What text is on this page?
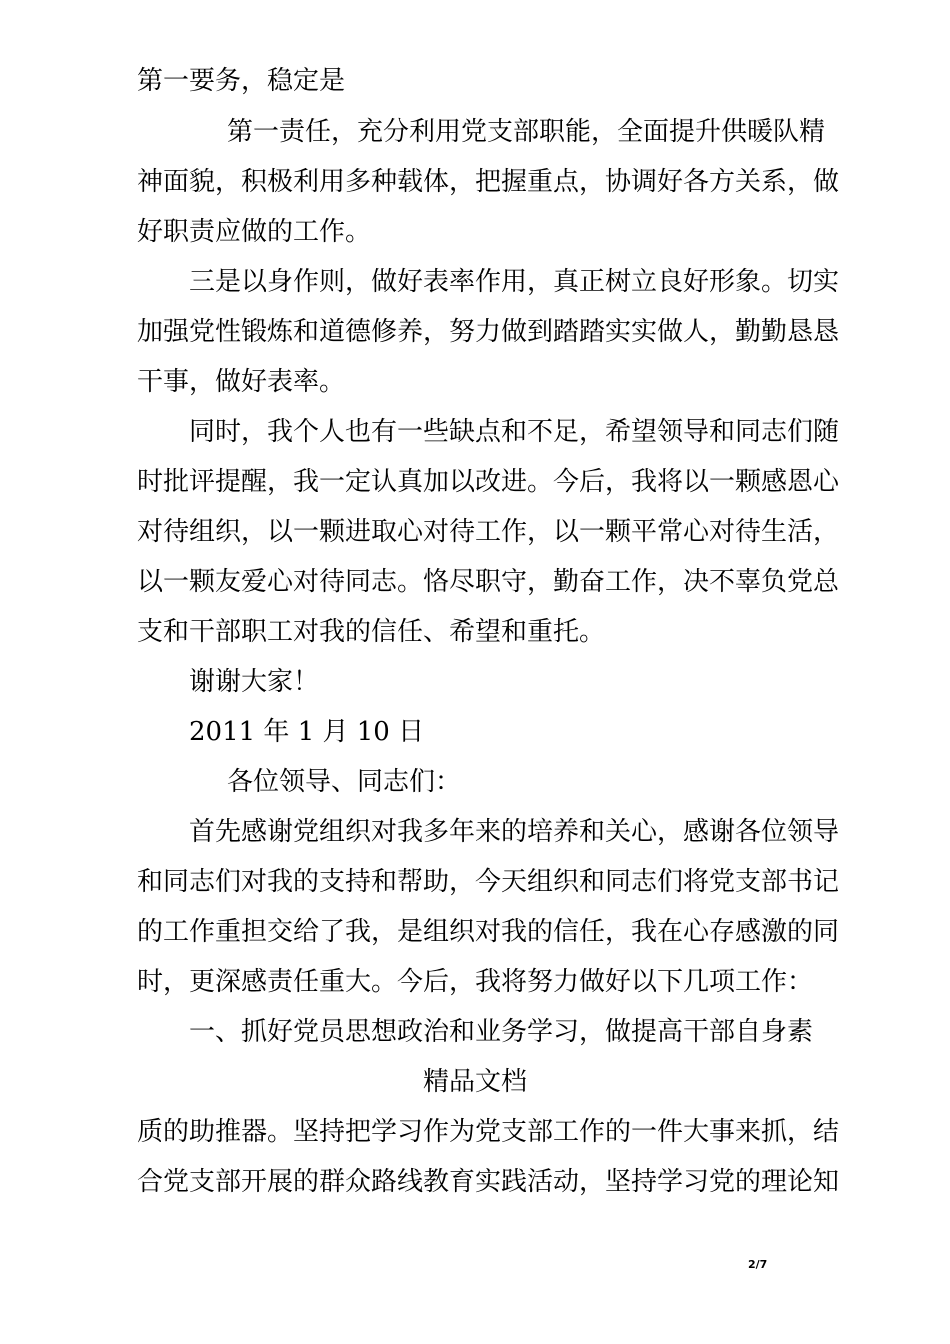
第一要务，稳定是
第一责任，充分利用党支部职能，全面提升供暖队精
神面貌，积极利用多种载体，把握重点，协调好各方关系，做
好职责应做的工作。
三是以身作则，做好表率作用，真正树立良好形象。切实
加强党性锻炼和道德修养，努力做到踏踏实实做人，勤勤恳恳
干事，做好表率。
同时，我个人也有一些缺点和不足，希望领导和同志们随
时批评提醒，我一定认真加以改进。今后，我将以一颗感恩心
对待组织，以一颗进取心对待工作，以一颗平常心对待生活，
以一颗友爱心对待同志。恪尽职守，勤奋工作，决不辜负党总
支和干部职工对我的信任、希望和重托。
谢谢大家！
2011 年 1 月 10 日
各位领导、同志们：
首先感谢党组织对我多年来的培养和关心，感谢各位领导
和同志们对我的支持和帮助，今天组织和同志们将党支部书记
的工作重担交给了我，是组织对我的信任，我在心存感激的同
时，更深感责任重大。今后，我将努力做好以下几项工作：
一、抓好党员思想政治和业务学习，做提高干部自身素
精品文档
质的助推器。坚持把学习作为党支部工作的一件大事来抓，结
合党支部开展的群众路线教育实践活动，坚持学习党的理论知
2/7
